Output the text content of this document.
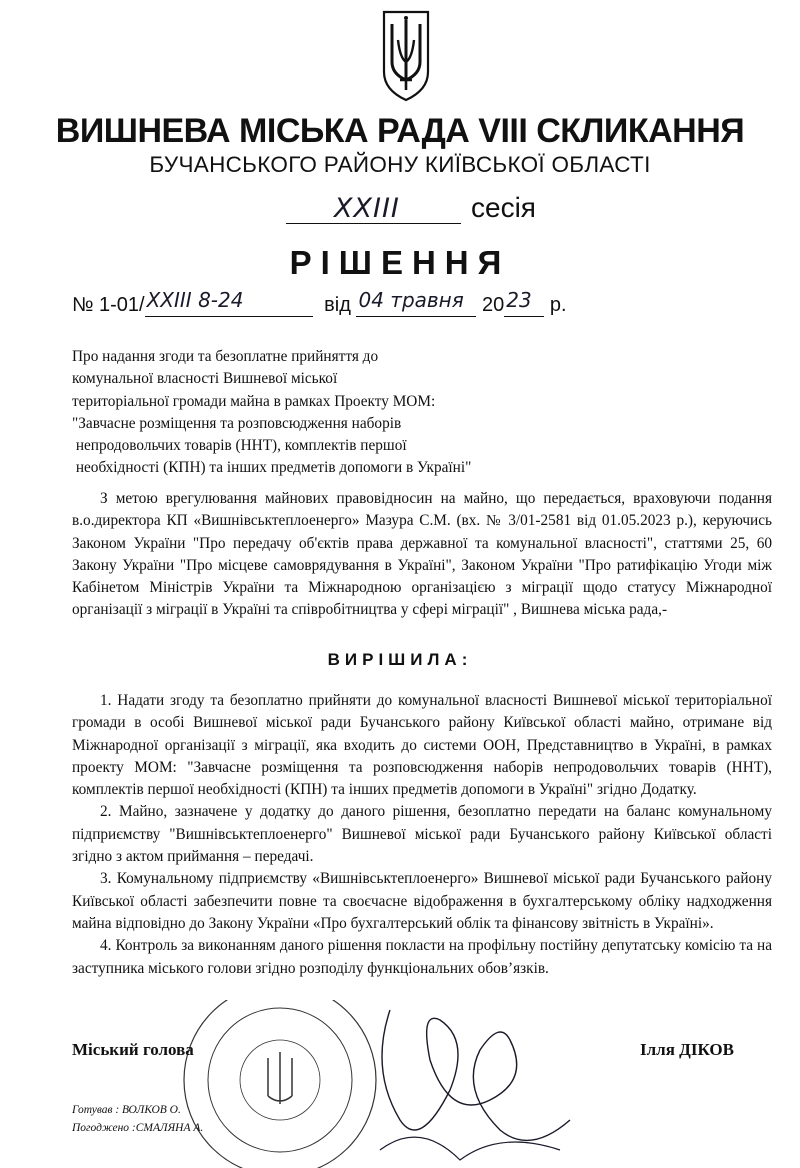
ВИШНЕВА МІСЬКА РАДА VIII СКЛИКАННЯ
БУЧАНСЬКОГО РАЙОНУ КИЇВСЬКОЇ ОБЛАСТІ
XXIII	сесія
РІШЕННЯ
№ 1-01/ XXIII 8-24	від 04 травня 20 23 р.
Про надання згоди та безоплатне прийняття до
комунальної власності Вишневої міської
територіальної громади майна в рамках Проекту МОМ:
"Завчасне розміщення та розповсюдження наборів
непродовольчих товарів (ННТ), комплектів першої
необхідності (КПН) та інших предметів допомоги в Україні"

З метою врегулювання майнових правовідносин на майно, що передається, враховуючи подання в.о.директора КП «Вишнівськтеплоенерго» Мазура С.М. (вх. № 3/01-2581 від 01.05.2023 р.), керуючись Законом України "Про передачу об'єктів права державної та комунальної власності", статтями 25, 60 Закону України "Про місцеве самоврядування в Україні", Законом України "Про ратифікацію Угоди між Кабінетом Міністрів України та Міжнародною організацією з міграції щодо статусу Міжнародної організації з міграції в Україні та співробітництва у сфері міграції" , Вишнева міська рада,-

ВИРІШИЛА:

1. Надати згоду та безоплатно прийняти до комунальної власності Вишневої міської територіальної громади в особі Вишневої міської ради Бучанського району Київської області майно, отримане від Міжнародної організації з міграції, яка входить до системи ООН, Представництво в Україні, в рамках проекту МОМ: "Завчасне розміщення та розповсюдження наборів непродовольчих товарів (ННТ), комплектів першої необхідності (КПН) та інших предметів допомоги в Україні" згідно Додатку.

2. Майно, зазначене у додатку до даного рішення, безоплатно передати на баланс комунальному підприємству "Вишнівськтеплоенерго" Вишневої міської ради Бучанського району Київської області згідно з актом приймання – передачі.

3. Комунальному підприємству «Вишнівськтеплоенерго» Вишневої міської ради Бучанського району Київської області забезпечити повне та своєчасне відображення в бухгалтерському обліку надходження майна відповідно до Закону України «Про бухгалтерський облік та фінансову звітність в Україні».

4. Контроль за виконанням даного рішення покласти на профільну постійну депутатську комісію та на заступника міського голови згідно розподілу функціональних обов’язків.

Міський голова	Ілля ДІКОВ
Готував : ВОЛКОВ О.
Погоджено :СМАЛЯНА А.
